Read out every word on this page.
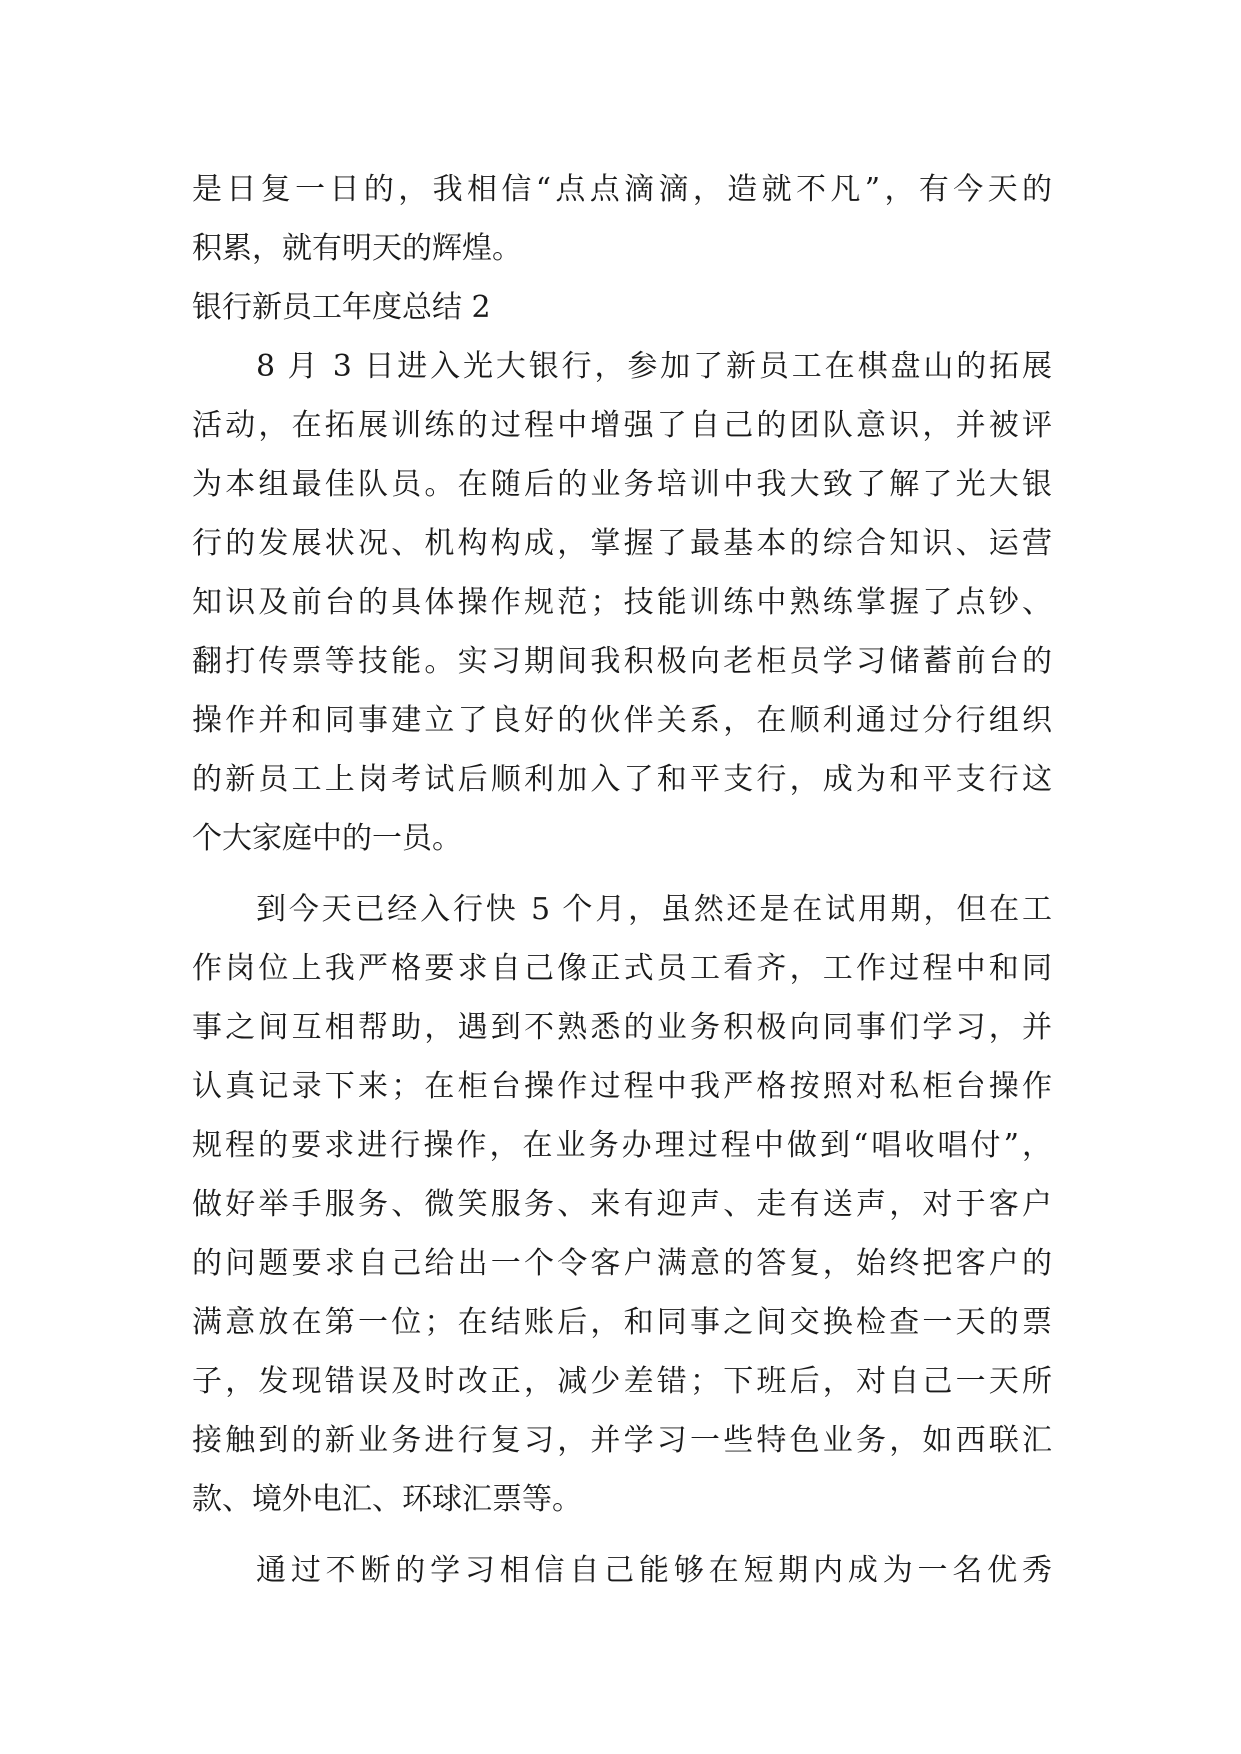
是日复一日的，我相信“点点滴滴，造就不凡”，有今天的
积累，就有明天的辉煌。
银行新员工年度总结 2
8 月 3 日进入光大银行，参加了新员工在棋盘山的拓展
活动，在拓展训练的过程中增强了自己的团队意识，并被评
为本组最佳队员。在随后的业务培训中我大致了解了光大银
行的发展状况、机构构成，掌握了最基本的综合知识、运营
知识及前台的具体操作规范；技能训练中熟练掌握了点钞、
翻打传票等技能。实习期间我积极向老柜员学习储蓄前台的
操作并和同事建立了良好的伙伴关系，在顺利通过分行组织
的新员工上岗考试后顺利加入了和平支行，成为和平支行这
个大家庭中的一员。
到今天已经入行快 5 个月，虽然还是在试用期，但在工
作岗位上我严格要求自己像正式员工看齐，工作过程中和同
事之间互相帮助，遇到不熟悉的业务积极向同事们学习，并
认真记录下来；在柜台操作过程中我严格按照对私柜台操作
规程的要求进行操作，在业务办理过程中做到“唱收唱付”，
做好举手服务、微笑服务、来有迎声、走有送声，对于客户
的问题要求自己给出一个令客户满意的答复，始终把客户的
满意放在第一位；在结账后，和同事之间交换检查一天的票
子，发现错误及时改正，减少差错；下班后，对自己一天所
接触到的新业务进行复习，并学习一些特色业务，如西联汇
款、境外电汇、环球汇票等。
通过不断的学习相信自己能够在短期内成为一名优秀
